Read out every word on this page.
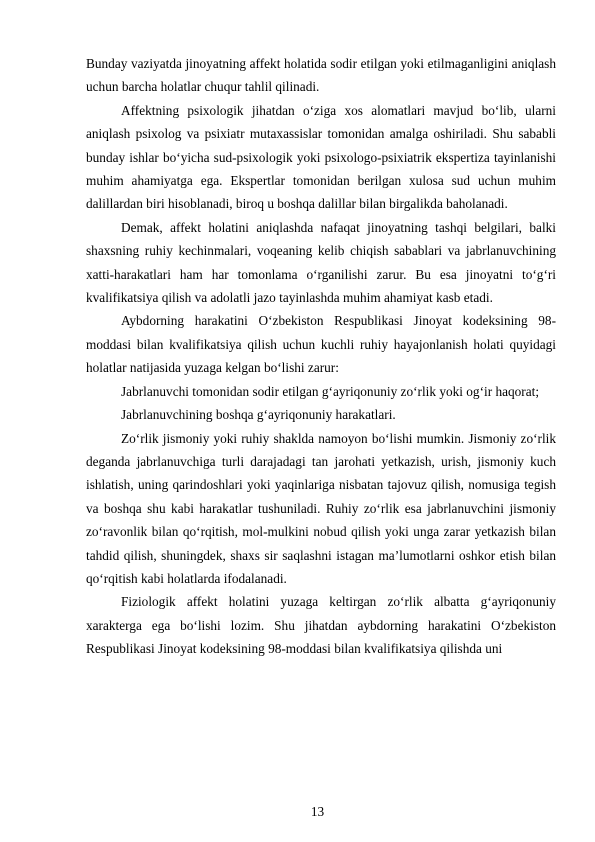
Bunday vaziyatda jinoyatning affekt holatida sodir etilgan yoki etilmaganligini aniqlash uchun barcha holatlar chuqur tahlil qilinadi.

Affektning psixologik jihatdan o‘ziga xos alomatlari mavjud bo‘lib, ularni aniqlash psixolog va psixiatr mutaxassislar tomonidan amalga oshiriladi. Shu sababli bunday ishlar bo‘yicha sud-psixologik yoki psixologo-psixiatrik ekspertiza tayinlanishi muhim ahamiyatga ega. Ekspertlar tomonidan berilgan xulosa sud uchun muhim dalillardan biri hisoblanadi, biroq u boshqa dalillar bilan birgalikda baholanadi.

Demak, affekt holatini aniqlashda nafaqat jinoyatning tashqi belgilari, balki shaxsning ruhiy kechinmalari, voqeaning kelib chiqish sabablari va jabrlanuvchining xatti-harakatlari ham har tomonlama o‘rganilishi zarur. Bu esa jinoyatni to‘g‘ri kvalifikatsiya qilish va adolatli jazo tayinlashda muhim ahamiyat kasb etadi.

Aybdorning harakatini O‘zbekiston Respublikasi Jinoyat kodeksining 98-moddasi bilan kvalifikatsiya qilish uchun kuchli ruhiy hayajonlanish holati quyidagi holatlar natijasida yuzaga kelgan bo‘lishi zarur:

Jabrlanuvchi tomonidan sodir etilgan g‘ayriqonuniy zo‘rlik yoki og‘ir haqorat;

Jabrlanuvchining boshqa g‘ayriqonuniy harakatlari.

Zo‘rlik jismoniy yoki ruhiy shaklda namoyon bo‘lishi mumkin. Jismoniy zo‘rlik deganda jabrlanuvchiga turli darajadagi tan jarohati yetkazish, urish, jismoniy kuch ishlatish, uning qarindoshlari yoki yaqinlariga nisbatan tajovuz qilish, nomusiga tegish va boshqa shu kabi harakatlar tushuniladi. Ruhiy zo‘rlik esa jabrlanuvchini jismoniy zo‘ravonlik bilan qo‘rqitish, mol-mulkini nobud qilish yoki unga zarar yetkazish bilan tahdid qilish, shuningdek, shaxs sir saqlashni istagan ma’lumotlarni oshkor etish bilan qo‘rqitish kabi holatlarda ifodalanadi.

Fiziologik affekt holatini yuzaga keltirgan zo‘rlik albatta g‘ayriqonuniy xarakterga ega bo‘lishi lozim. Shu jihatdan aybdorning harakatini O‘zbekiston Respublikasi Jinoyat kodeksining 98-moddasi bilan kvalifikatsiya qilishda uni

13
